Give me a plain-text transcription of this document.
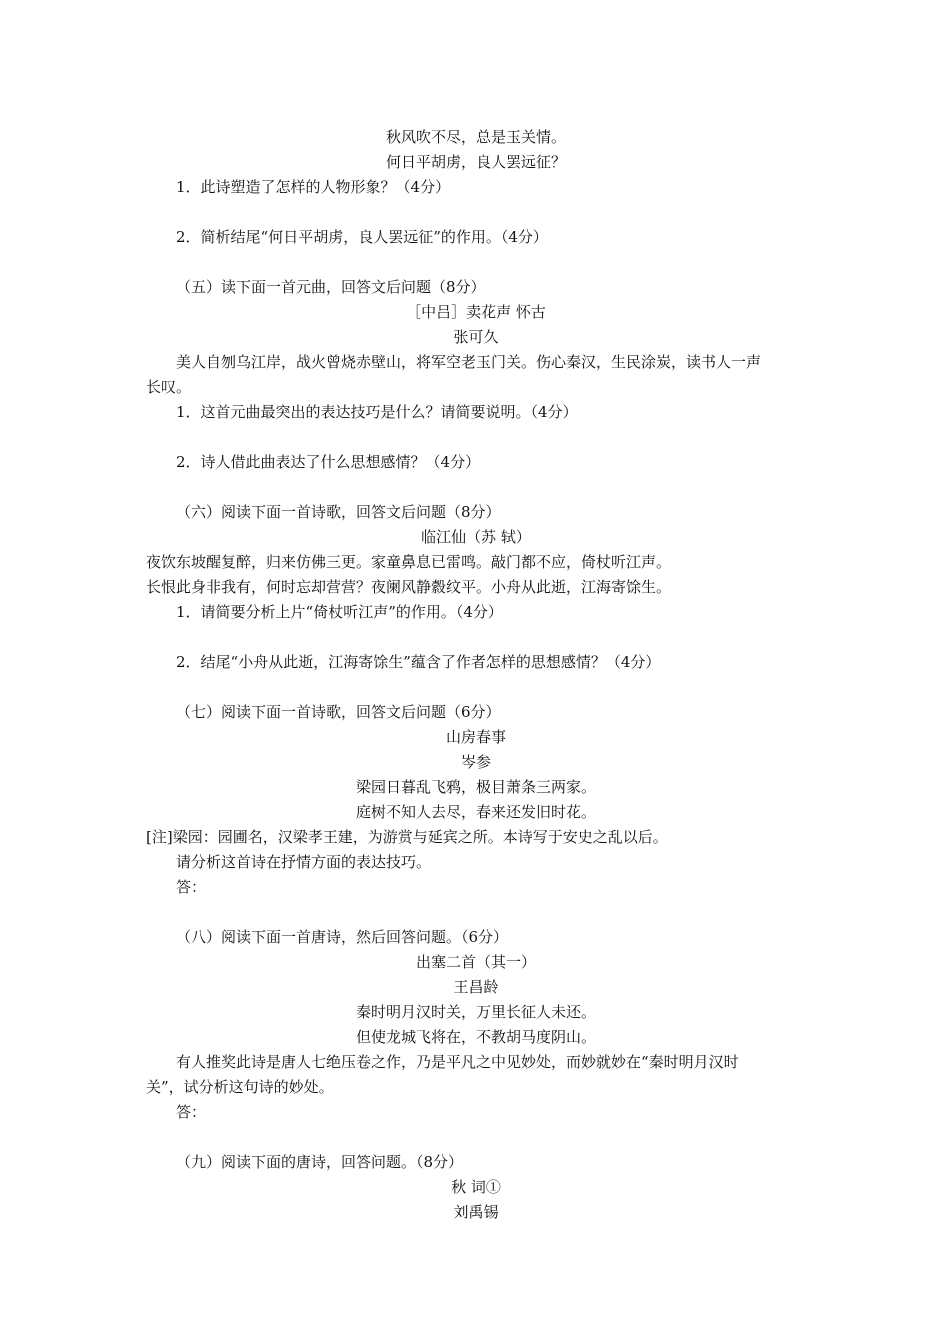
秋风吹不尽，总是玉关情。
何日平胡虏，良人罢远征？
1．此诗塑造了怎样的人物形象？（4分）
2．简析结尾“何日平胡虏，良人罢远征”的作用。（4分）
（五）读下面一首元曲，回答文后问题（8分）
［中吕］卖花声 怀古
张可久
美人自刎乌江岸，战火曾烧赤壁山，将军空老玉门关。伤心秦汉，生民涂炭，读书人一声
长叹。
1．这首元曲最突出的表达技巧是什么？请简要说明。（4分）
2．诗人借此曲表达了什么思想感情？（4分）
（六）阅读下面一首诗歌，回答文后问题（8分）
临江仙（苏 轼）
夜饮东坡醒复醉，归来仿佛三更。家童鼻息已雷鸣。敲门都不应，倚杖听江声。
长恨此身非我有，何时忘却营营？夜阑风静縠纹平。小舟从此逝，江海寄馀生。
1．请简要分析上片“倚杖听江声”的作用。（4分）
2．结尾“小舟从此逝，江海寄馀生”蕴含了作者怎样的思想感情？（4分）
（七）阅读下面一首诗歌，回答文后问题（6分）
山房春事
岑参
梁园日暮乱飞鸦，极目萧条三两家。
庭树不知人去尽，春来还发旧时花。
[注]梁园：园圃名，汉梁孝王建，为游赏与延宾之所。本诗写于安史之乱以后。
请分析这首诗在抒情方面的表达技巧。
答：
（八）阅读下面一首唐诗，然后回答问题。（6分）
出塞二首（其一）
王昌龄
秦时明月汉时关，万里长征人未还。
但使龙城飞将在，不教胡马度阴山。
有人推奖此诗是唐人七绝压卷之作，乃是平凡之中见妙处，而妙就妙在“秦时明月汉时
关”，试分析这句诗的妙处。
答：
（九）阅读下面的唐诗，回答问题。（8分）
秋 词①
刘禹锡
